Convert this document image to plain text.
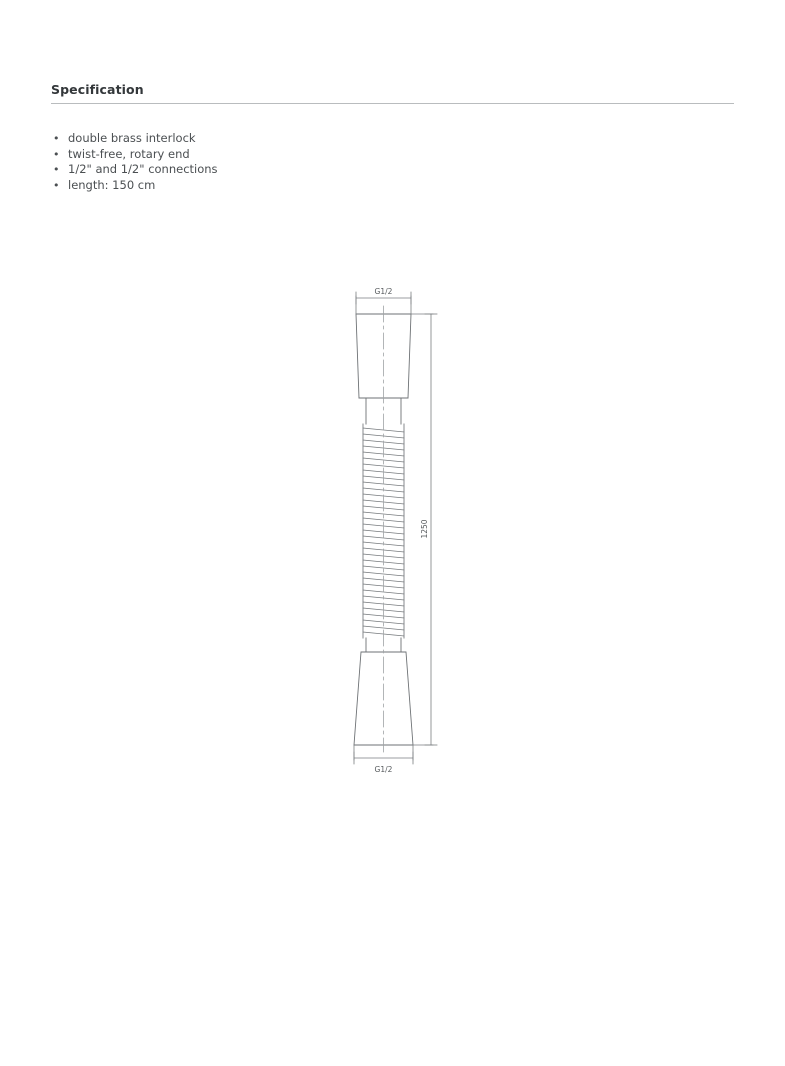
Specification
• double brass interlock
• twist-free, rotary end
• 1/2" and 1/2" connections
• length: 150 cm
G1/2
G1/2
1250
